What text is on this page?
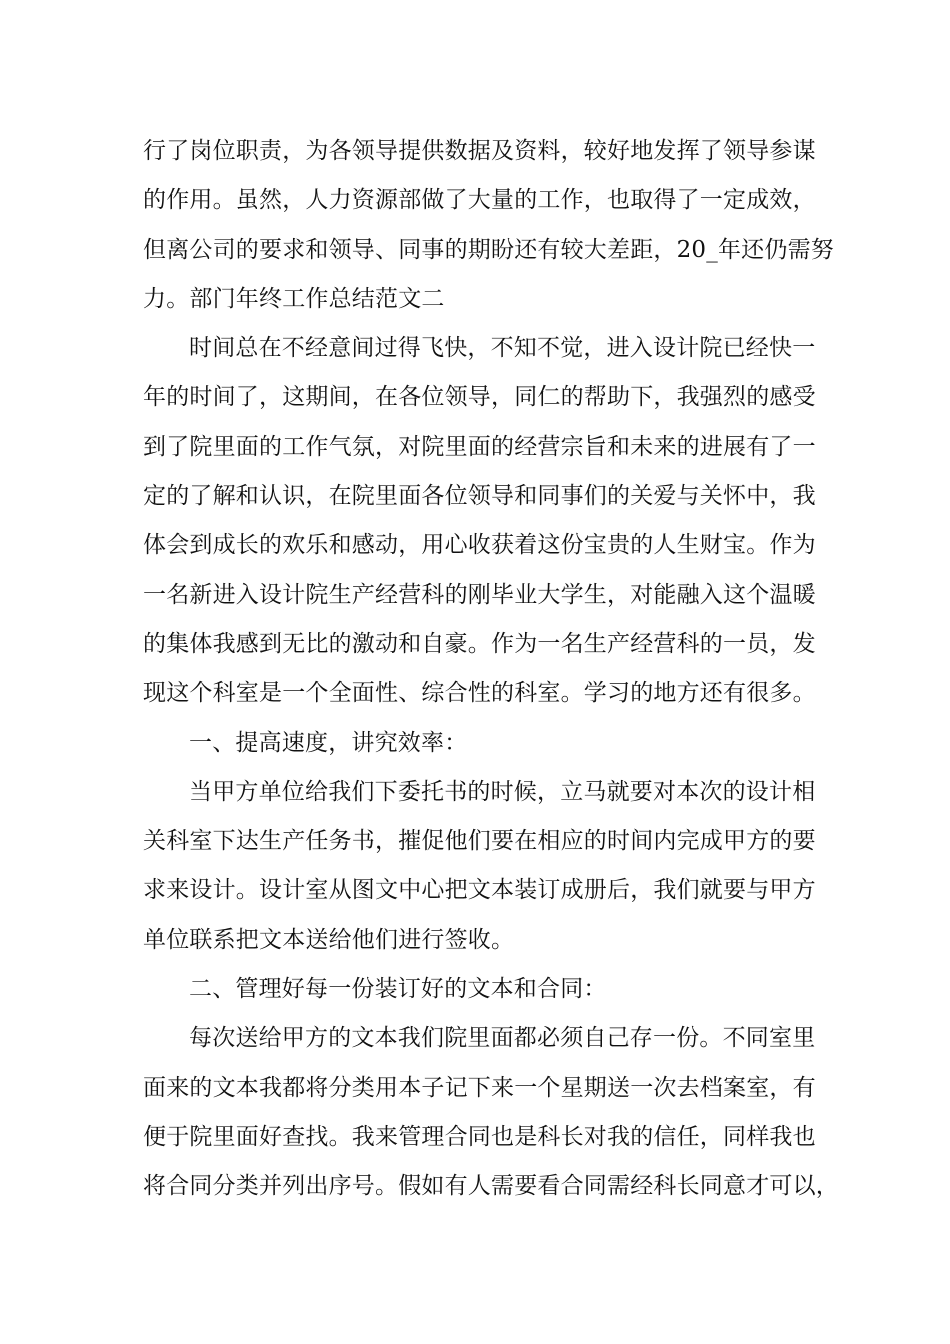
行了岗位职责，为各领导提供数据及资料，较好地发挥了领导参谋
的作用。虽然，人力资源部做了大量的工作，也取得了一定成效，
但离公司的要求和领导、同事的期盼还有较大差距，20_年还仍需努
力。部门年终工作总结范文二
时间总在不经意间过得飞快，不知不觉，进入设计院已经快一
年的时间了，这期间，在各位领导，同仁的帮助下，我强烈的感受
到了院里面的工作气氛，对院里面的经营宗旨和未来的进展有了一
定的了解和认识，在院里面各位领导和同事们的关爱与关怀中，我
体会到成长的欢乐和感动，用心收获着这份宝贵的人生财宝。作为
一名新进入设计院生产经营科的刚毕业大学生，对能融入这个温暖
的集体我感到无比的激动和自豪。作为一名生产经营科的一员，发
现这个科室是一个全面性、综合性的科室。学习的地方还有很多。
一、提高速度，讲究效率：
当甲方单位给我们下委托书的时候，立马就要对本次的设计相
关科室下达生产任务书，摧促他们要在相应的时间内完成甲方的要
求来设计。设计室从图文中心把文本装订成册后，我们就要与甲方
单位联系把文本送给他们进行签收。
二、管理好每一份装订好的文本和合同：
每次送给甲方的文本我们院里面都必须自己存一份。不同室里
面来的文本我都将分类用本子记下来一个星期送一次去档案室，有
便于院里面好查找。我来管理合同也是科长对我的信任，同样我也
将合同分类并列出序号。假如有人需要看合同需经科长同意才可以，
